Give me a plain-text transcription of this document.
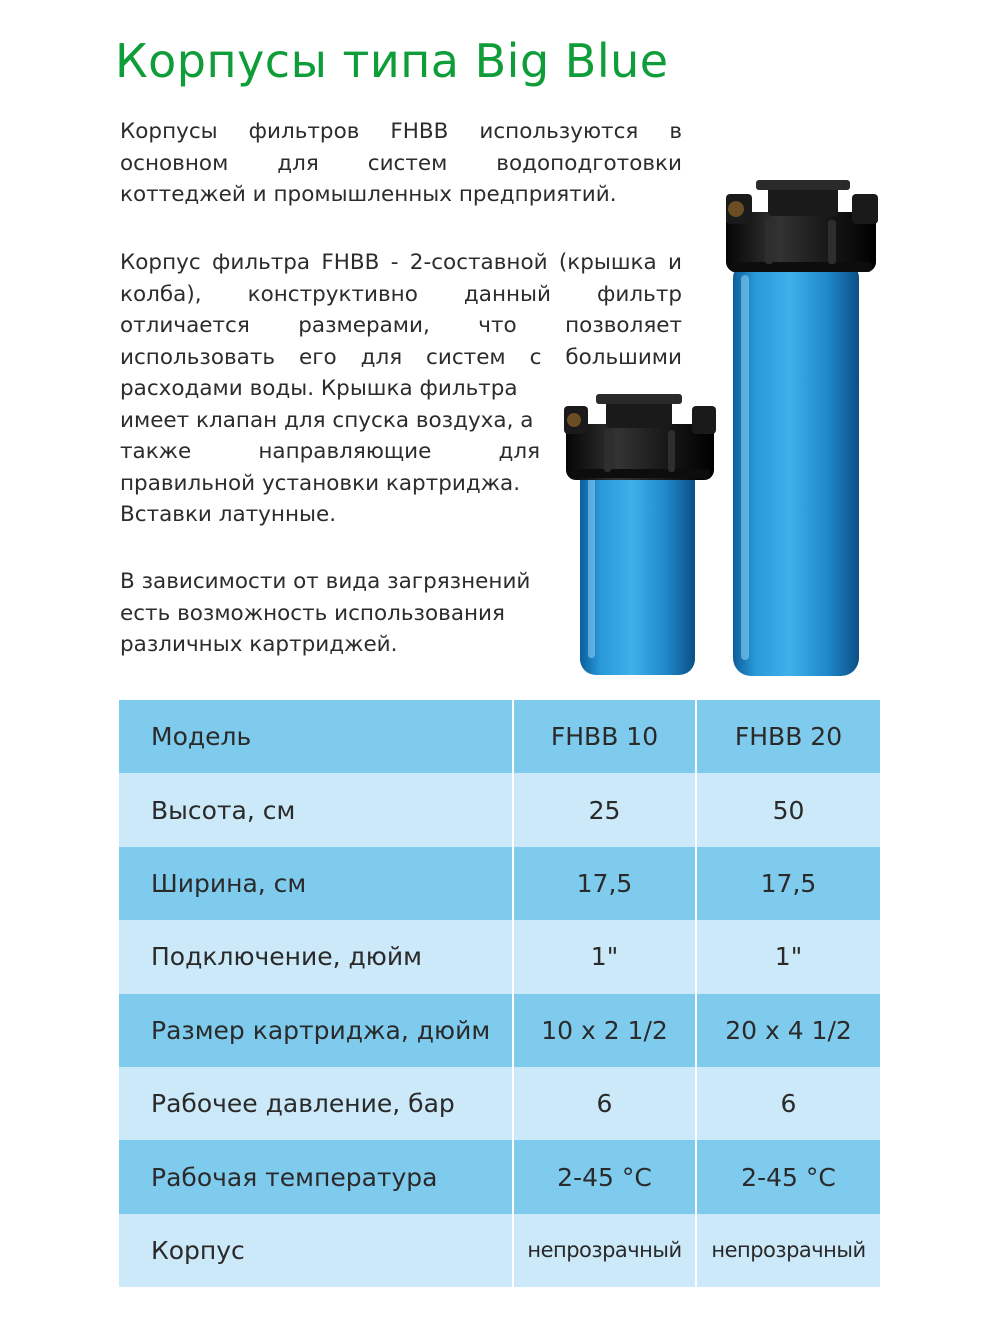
Корпусы типа Big Blue

Корпусы фильтров FHBB используются в
основном для систем водоподготовки
коттеджей и промышленных предприятий.

Корпус фильтра FHBB - 2-составной (крышка и
колба), конструктивно данный фильтр
отличается размерами, что позволяет
использовать его для систем с большими
расходами воды. Крышка фильтра
имеет клапан для спуска воздуха, а
также направляющие для
правильной установки картриджа.
Вставки латунные.

В зависимости от вида загрязнений
есть возможность использования
различных картриджей.

Модель	FHBB 10	FHBB 20
Высота, см	25	50
Ширина, см	17,5	17,5
Подключение, дюйм	1"	1"
Размер картриджа, дюйм	10 x 2 1/2	20 x 4 1/2
Рабочее давление, бар	6	6
Рабочая температура	2-45 °C	2-45 °C
Корпус	непрозрачный	непрозрачный
